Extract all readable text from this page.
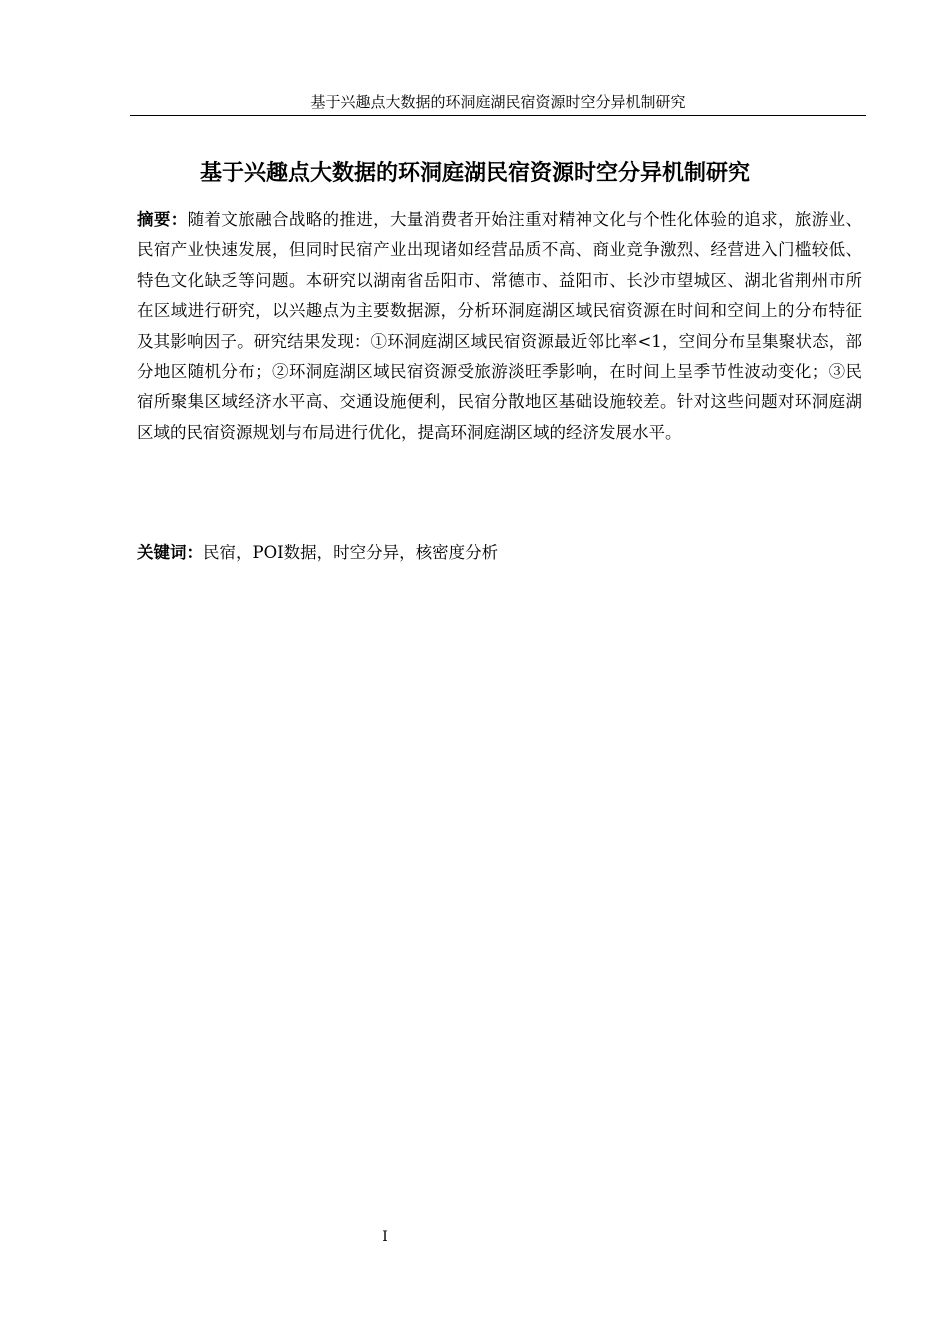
基于兴趣点大数据的环洞庭湖民宿资源时空分异机制研究
基于兴趣点大数据的环洞庭湖民宿资源时空分异机制研究

摘要：随着文旅融合战略的推进，大量消费者开始注重对精神文化与个性化体验的追求，旅游业、民宿产业快速发展，但同时民宿产业出现诸如经营品质不高、商业竞争激烈、经营进入门槛较低、特色文化缺乏等问题。本研究以湖南省岳阳市、常德市、益阳市、长沙市望城区、湖北省荆州市所在区域进行研究，以兴趣点为主要数据源，分析环洞庭湖区域民宿资源在时间和空间上的分布特征及其影响因子。研究结果发现：①环洞庭湖区域民宿资源最近邻比率<1，空间分布呈集聚状态，部分地区随机分布；②环洞庭湖区域民宿资源受旅游淡旺季影响，在时间上呈季节性波动变化；③民宿所聚集区域经济水平高、交通设施便利，民宿分散地区基础设施较差。针对这些问题对环洞庭湖区域的民宿资源规划与布局进行优化，提高环洞庭湖区域的经济发展水平。

关键词：民宿，POI数据，时空分异，核密度分析

I
